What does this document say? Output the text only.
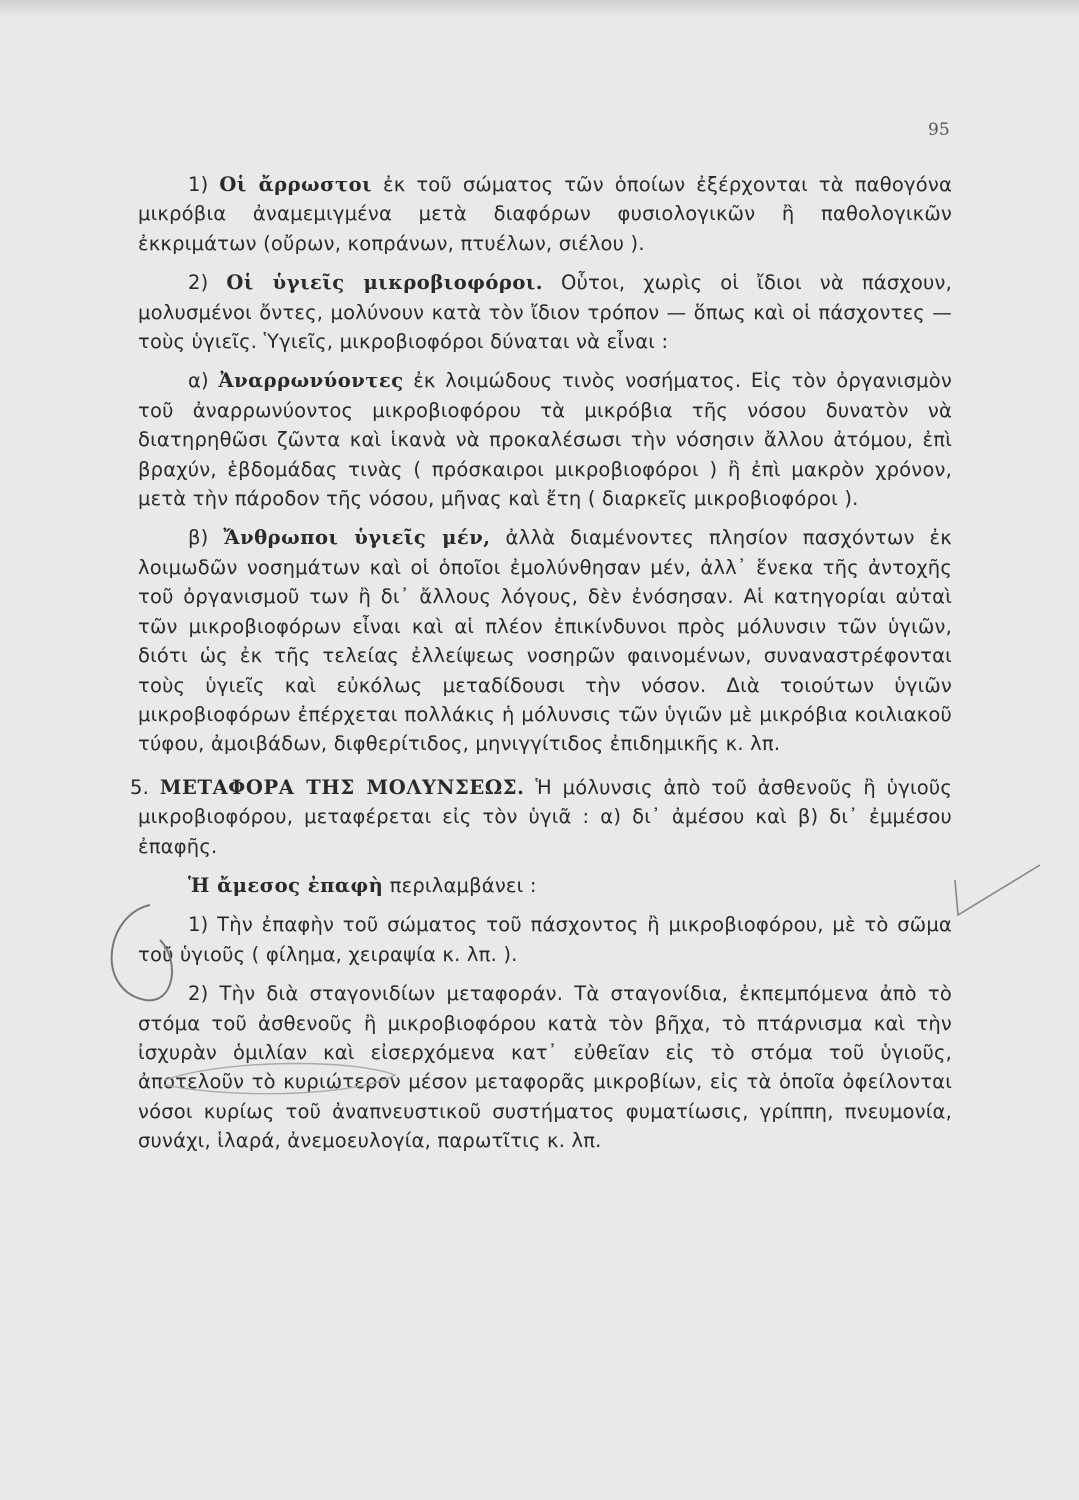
95

1) Οἱ ἄρρωστοι ἐκ τοῦ σώματος τῶν ὁποίων ἐξέρχονται τὰ παθογόνα μικρόβια ἀναμεμιγμένα μετὰ διαφόρων φυσιολογικῶν ἢ παθολογικῶν ἐκκριμάτων (οὔρων, κοπράνων, πτυέλων, σιέλου ).

2) Οἱ ὑγιεῖς μικροβιοφόροι. Οὗτοι, χωρὶς οἱ ἴδιοι νὰ πάσχουν, μολυσμένοι ὄντες, μολύνουν κατὰ τὸν ἴδιον τρόπον — ὅπως καὶ οἱ πάσχοντες — τοὺς ὑγιεῖς. Ὑγιεῖς, μικροβιοφόροι δύναται νὰ εἶναι :

α) Ἀναρρωνύοντες ἐκ λοιμώδους τινὸς νοσήματος. Εἰς τὸν ὀργανισμὸν τοῦ ἀναρρωνύοντος μικροβιοφόρου τὰ μικρόβια τῆς νόσου δυνατὸν νὰ διατηρηθῶσι ζῶντα καὶ ἱκανὰ νὰ προκαλέσωσι τὴν νόσησιν ἄλλου ἀτόμου, ἐπὶ βραχύν, ἑβδομάδας τινὰς ( πρόσκαιροι μικροβιοφόροι ) ἢ ἐπὶ μακρὸν χρόνον, μετὰ τὴν πάροδον τῆς νόσου, μῆνας καὶ ἔτη ( διαρκεῖς μικροβιοφόροι ).

β) Ἄνθρωποι ὑγιεῖς μέν, ἀλλὰ διαμένοντες πλησίον πασχόντων ἐκ λοιμωδῶν νοσημάτων καὶ οἱ ὁποῖοι ἐμολύνθησαν μέν, ἀλλ᾽ ἕνεκα τῆς ἀντοχῆς τοῦ ὀργανισμοῦ των ἢ δι᾽ ἄλλους λόγους, δὲν ἐνόσησαν. Αἱ κατηγορίαι αὐταὶ τῶν μικροβιοφόρων εἶναι καὶ αἱ πλέον ἐπικίνδυνοι πρὸς μόλυνσιν τῶν ὑγιῶν, διότι ὡς ἐκ τῆς τελείας ἐλλείψεως νοσηρῶν φαινομένων, συναναστρέφονται τοὺς ὑγιεῖς καὶ εὐκόλως μεταδίδουσι τὴν νόσον. Διὰ τοιούτων ὑγιῶν μικροβιοφόρων ἐπέρχεται πολλάκις ἡ μόλυνσις τῶν ὑγιῶν μὲ μικρόβια κοιλιακοῦ τύφου, ἀμοιβάδων, διφθερίτιδος, μηνιγγίτιδος ἐπιδημικῆς κ. λπ.

5. ΜΕΤΑΦΟΡΑ ΤΗΣ ΜΟΛΥΝΣΕΩΣ. Ἡ μόλυνσις ἀπὸ τοῦ ἀσθενοῦς ἢ ὑγιοῦς μικροβιοφόρου, μεταφέρεται εἰς τὸν ὑγιᾶ : α) δι᾽ ἀμέσου καὶ β) δι᾽ ἐμμέσου ἐπαφῆς.

Ἡ ἄμεσος ἐπαφὴ περιλαμβάνει :

1) Τὴν ἐπαφὴν τοῦ σώματος τοῦ πάσχοντος ἢ μικροβιοφόρου, μὲ τὸ σῶμα τοῦ ὑγιοῦς ( φίλημα, χειραψία κ. λπ. ).

2) Τὴν διὰ σταγονιδίων μεταφοράν. Τὰ σταγονίδια, ἐκπεμπόμενα ἀπὸ τὸ στόμα τοῦ ἀσθενοῦς ἢ μικροβιοφόρου κατὰ τὸν βῆχα, τὸ πτάρνισμα καὶ τὴν ἰσχυρὰν ὁμιλίαν καὶ εἰσερχόμενα κατ᾽ εὐθεῖαν εἰς τὸ στόμα τοῦ ὑγιοῦς, ἀποτελοῦν τὸ κυριώτερον μέσον μεταφορᾶς μικροβίων, εἰς τὰ ὁποῖα ὀφείλονται νόσοι κυρίως τοῦ ἀναπνευστικοῦ συστήματος φυματίωσις, γρίππη, πνευμονία, συνάχι, ἱλαρά, ἀνεμοευλογία, παρωτῖτις κ. λπ.
